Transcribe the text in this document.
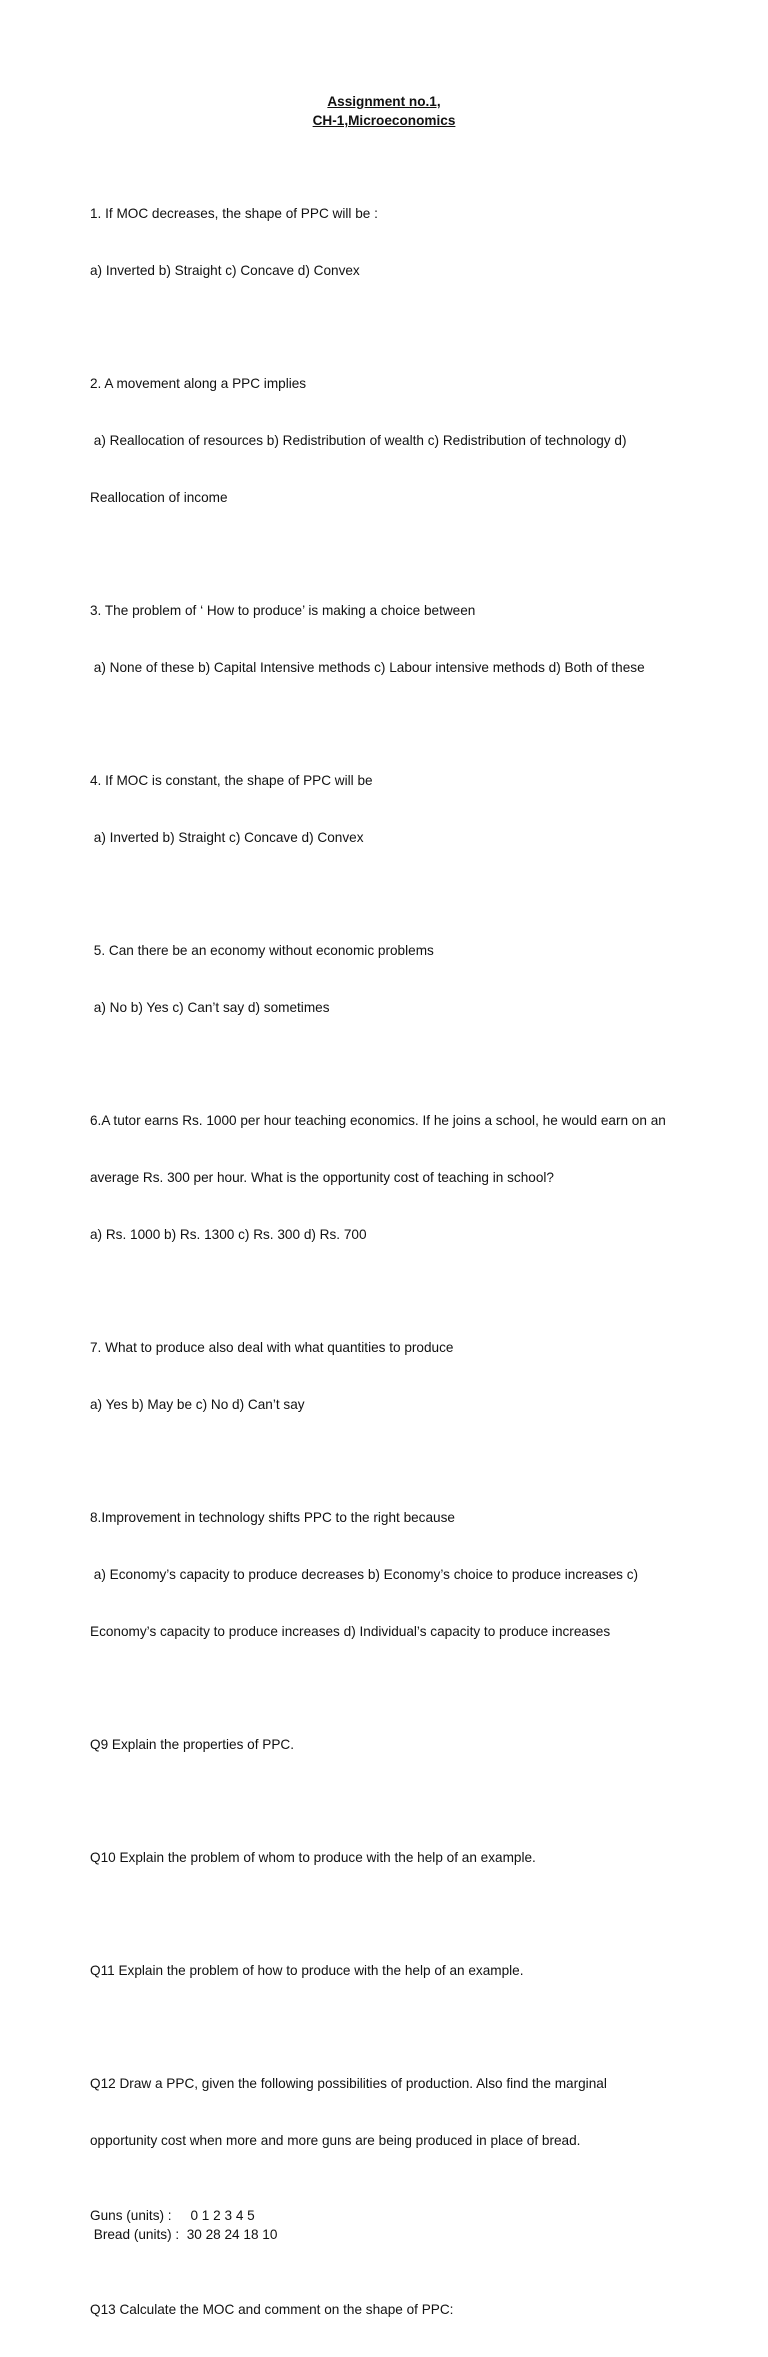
Assignment no.1,
CH-1,Microeconomics

1. If MOC decreases, the shape of PPC will be :

a) Inverted b) Straight c) Concave d) Convex

2. A movement along a PPC implies

a) Reallocation of resources b) Redistribution of wealth c) Redistribution of technology d)

Reallocation of income

3. The problem of ‘ How to produce’ is making a choice between

a) None of these b) Capital Intensive methods c) Labour intensive methods d) Both of these

4. If MOC is constant, the shape of PPC will be

a) Inverted b) Straight c) Concave d) Convex

5. Can there be an economy without economic problems

a) No b) Yes c) Can’t say d) sometimes

6.A tutor earns Rs. 1000 per hour teaching economics. If he joins a school, he would earn on an

average Rs. 300 per hour. What is the opportunity cost of teaching in school?

a) Rs. 1000 b) Rs. 1300 c) Rs. 300 d) Rs. 700

7. What to produce also deal with what quantities to produce

a) Yes b) May be c) No d) Can’t say

8.Improvement in technology shifts PPC to the right because

a) Economy’s capacity to produce decreases b) Economy’s choice to produce increases c)

Economy’s capacity to produce increases d) Individual’s capacity to produce increases

Q9 Explain the properties of PPC.

Q10 Explain the problem of whom to produce with the help of an example.

Q11 Explain the problem of how to produce with the help of an example.

Q12 Draw a PPC, given the following possibilities of production. Also find the marginal

opportunity cost when more and more guns are being produced in place of bread.

Guns (units) :     0 1 2 3 4 5
Bread (units) :  30 28 24 18 10

Q13 Calculate the MOC and comment on the shape of PPC:
